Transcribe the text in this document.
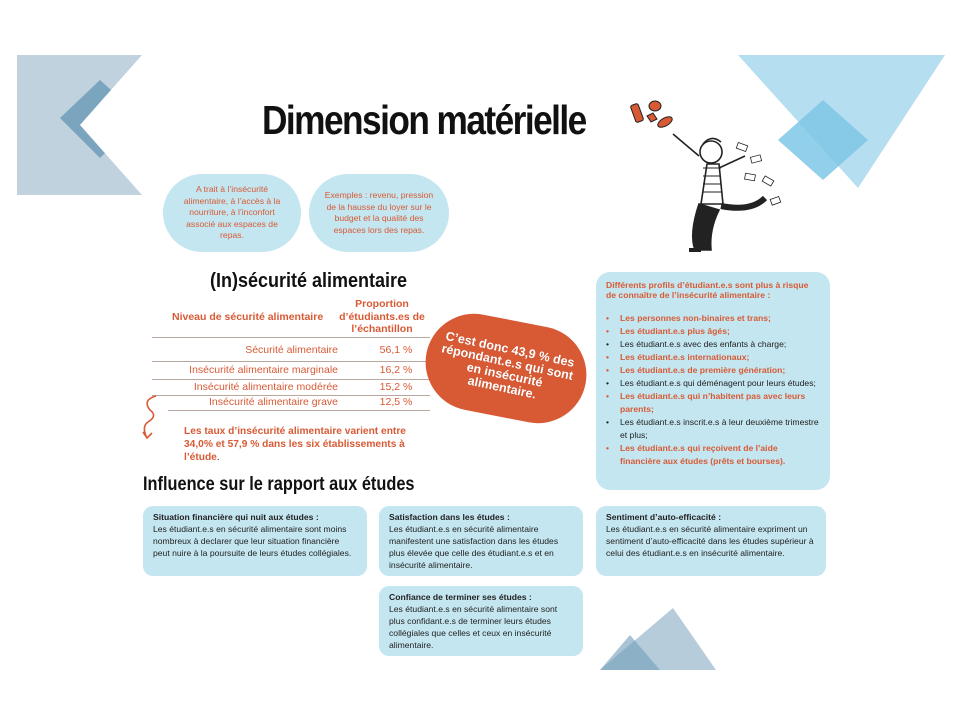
Dimension matérielle
A trait à l’insécurité alimentaire, à l’accès à la nourriture, à l’inconfort associé aux espaces de repas.
Exemples : revenu, pression de la hausse du loyer sur le budget et la qualité des espaces lors des repas.
(In)sécurité alimentaire
Niveau de sécurité alimentaire
Proportion d’étudiants.es de l’échantillon
Sécurité alimentaire	56,1 %
Insécurité alimentaire marginale	16,2 %
Insécurité alimentaire modérée	15,2 %
Insécurité alimentaire grave	12,5 %
Les taux d’insécurité alimentaire varient entre 34,0% et 57,9 % dans les six établissements à l’étude.
C’est donc 43,9 % des répondant.e.s qui sont en insécurité alimentaire.
Différents profils d’étudiant.e.s sont plus à risque de connaître de l’insécurité alimentaire :
• Les personnes non-binaires et trans;
• Les étudiant.e.s plus âgés;
• Les étudiant.e.s avec des enfants à charge;
• Les étudiant.e.s internationaux;
• Les étudiant.e.s de première génération;
• Les étudiant.e.s qui déménagent pour leurs études;
• Les étudiant.e.s qui n’habitent pas avec leurs parents;
• Les étudiant.e.s inscrit.e.s à leur deuxième trimestre et plus;
• Les étudiant.e.s qui reçoivent de l’aide financière aux études (prêts et bourses).
Influence sur le rapport aux études
Situation financière qui nuit aux études :
Les étudiant.e.s en sécurité alimentaire sont moins nombreux à declarer que leur situation financière peut nuire à la poursuite de leurs études collégiales.
Satisfaction dans les études :
Les étudiant.e.s en sécurité alimentaire manifestent une satisfaction dans les études plus élevée que celle des étudiant.e.s et en insécurité alimentaire.
Sentiment d’auto-efficacité :
Les étudiant.e.s en sécurité alimentaire expriment un sentiment d’auto-efficacité dans les études supérieur à celui des étudiant.e.s en insécurité alimentaire.
Confiance de terminer ses études :
Les étudiant.e.s en sécurité alimentaire sont plus confidant.e.s de terminer leurs études collégiales que celles et ceux en insécurité alimentaire.
